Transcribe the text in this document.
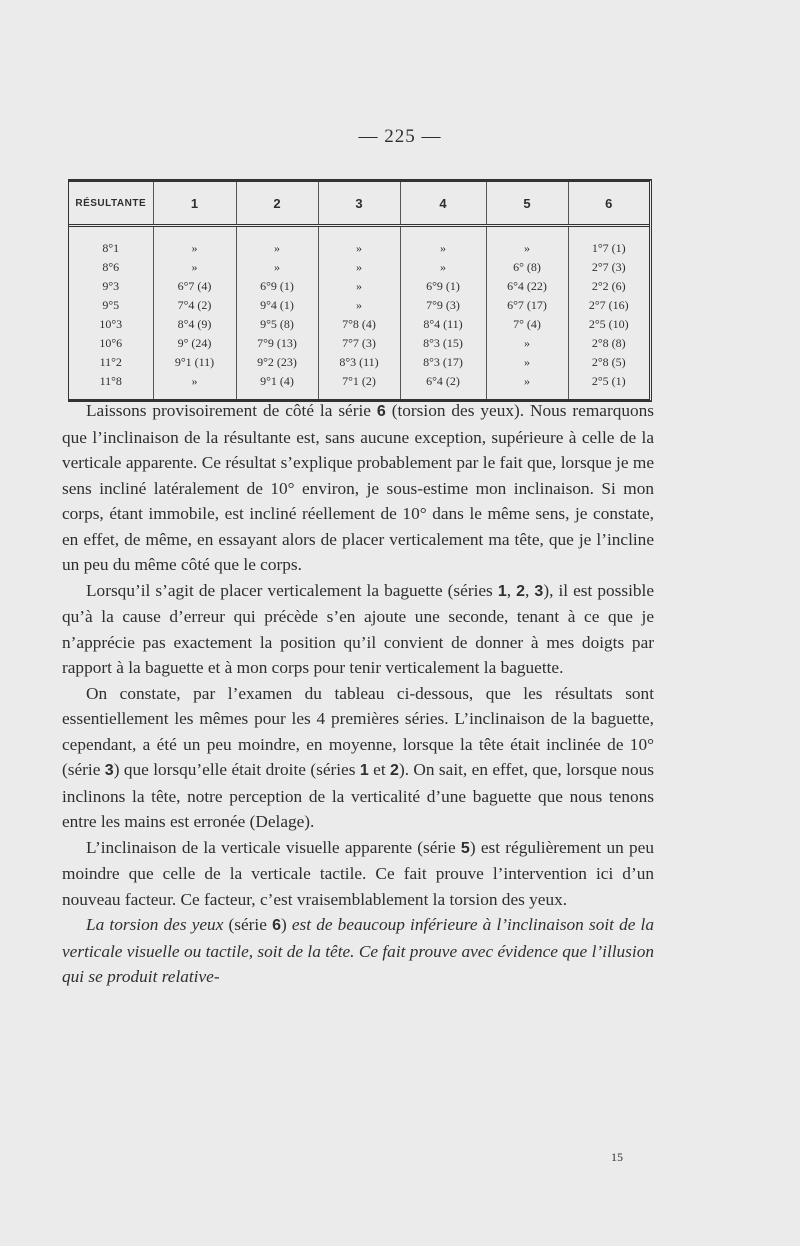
— 225 —
RÉSULTANTE	1	2	3	4	5	6
8°1	»	»	»	»	»	1°7 (1)
8°6	»	»	»	»	6° (8)	2°7 (3)
9°3	6°7 (4)	6°9 (1)	»	6°9 (1)	6°4 (22)	2°2 (6)
9°5	7°4 (2)	9°4 (1)	»	7°9 (3)	6°7 (17)	2°7 (16)
10°3	8°4 (9)	9°5 (8)	7°8 (4)	8°4 (11)	7° (4)	2°5 (10)
10°6	9° (24)	7°9 (13)	7°7 (3)	8°3 (15)	»	2°8 (8)
11°2	9°1 (11)	9°2 (23)	8°3 (11)	8°3 (17)	»	2°8 (5)
11°8	»	9°1 (4)	7°1 (2)	6°4 (2)	»	2°5 (1)

Laissons provisoirement de côté la série 6 (torsion des yeux). Nous remarquons que l’inclinaison de la résultante est, sans aucune exception, supérieure à celle de la verticale apparente. Ce résultat s’explique probablement par le fait que, lorsque je me sens incliné latéralement de 10° environ, je sous-estime mon inclinaison. Si mon corps, étant immobile, est incliné réellement de 10° dans le même sens, je constate, en effet, de même, en essayant alors de placer verticalement ma tête, que je l’incline un peu du même côté que le corps.

Lorsqu’il s’agit de placer verticalement la baguette (séries 1, 2, 3), il est possible qu’à la cause d’erreur qui précède s’en ajoute une seconde, tenant à ce que je n’apprécie pas exactement la position qu’il convient de donner à mes doigts par rapport à la baguette et à mon corps pour tenir verticalement la baguette.

On constate, par l’examen du tableau ci-dessous, que les résultats sont essentiellement les mêmes pour les 4 premières séries. L’inclinaison de la baguette, cependant, a été un peu moindre, en moyenne, lorsque la tête était inclinée de 10° (série 3) que lorsqu’elle était droite (séries 1 et 2). On sait, en effet, que, lorsque nous inclinons la tête, notre perception de la verticalité d’une baguette que nous tenons entre les mains est erronée (Delage).

L’inclinaison de la verticale visuelle apparente (série 5) est régulièrement un peu moindre que celle de la verticale tactile. Ce fait prouve l’intervention ici d’un nouveau facteur. Ce facteur, c’est vraisemblablement la torsion des yeux.

La torsion des yeux (série 6) est de beaucoup inférieure à l’inclinaison soit de la verticale visuelle ou tactile, soit de la tête. Ce fait prouve avec évidence que l’illusion qui se produit relative-

15
